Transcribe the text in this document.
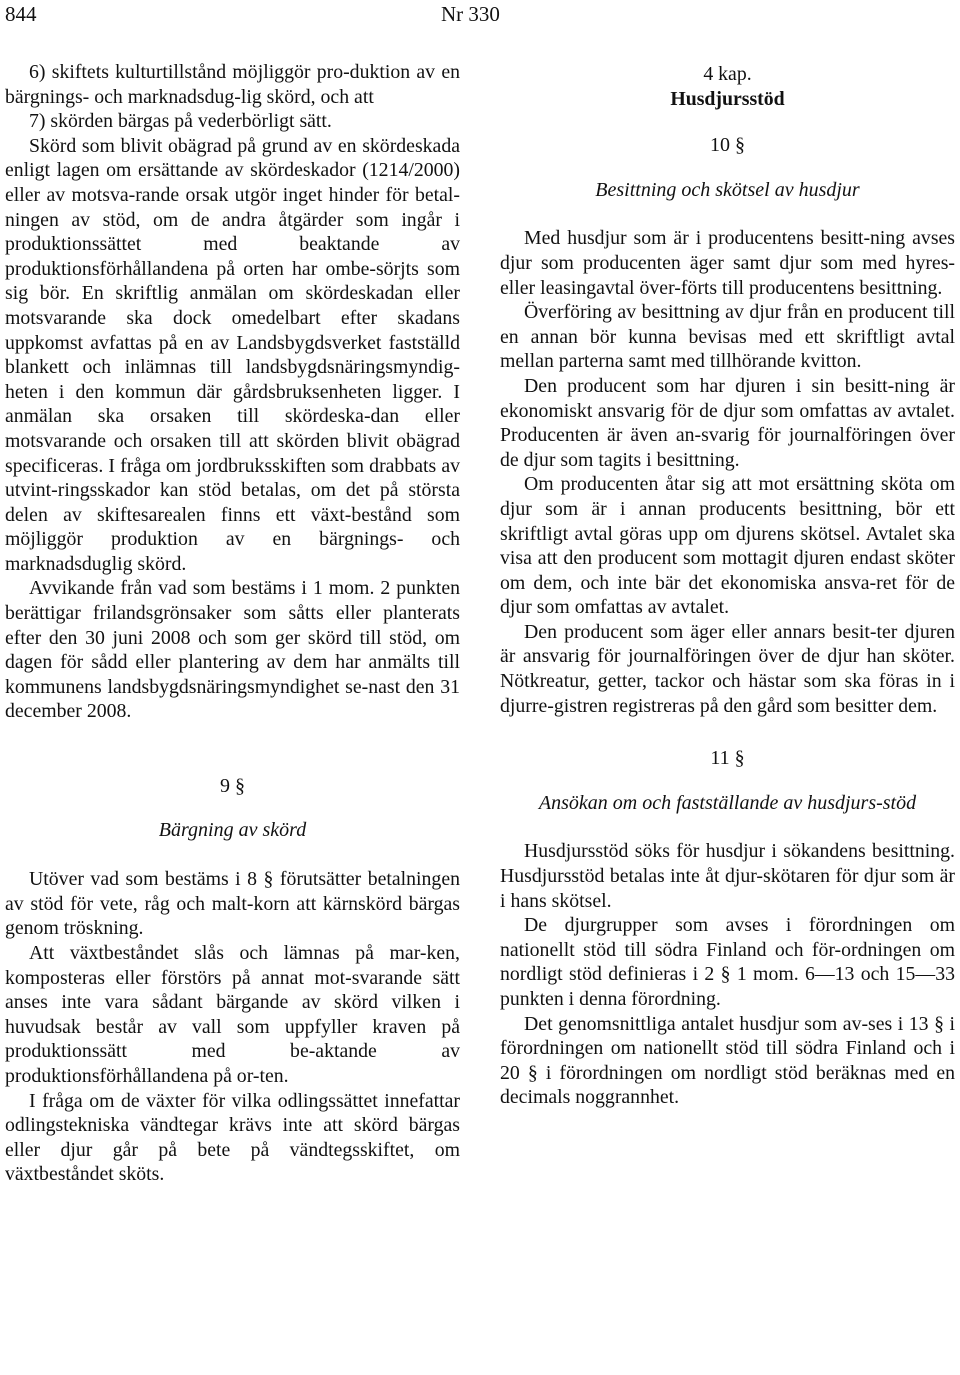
844	Nr 330

6) skiftets kulturtillstånd möjliggör pro-duktion av en bärgnings- och marknadsdug-lig skörd, och att

7) skörden bärgas på vederbörligt sätt.

Skörd som blivit obägrad på grund av en skördeskada enligt lagen om ersättande av skördeskador (1214/2000) eller av motsva-rande orsak utgör inget hinder för betal-ningen av stöd, om de andra åtgärder som ingår i produktionssättet med beaktande av produktionsförhållandena på orten har ombe-sörjts som sig bör. En skriftlig anmälan om skördeskadan eller motsvarande ska dock omedelbart efter skadans uppkomst avfattas på en av Landsbygdsverket fastställd blankett och inlämnas till landsbygdsnäringsmyndig-heten i den kommun där gårdsbruksenheten ligger. I anmälan ska orsaken till skördeska-dan eller motsvarande och orsaken till att skörden blivit obägrad specificeras. I fråga om jordbruksskiften som drabbats av utvint-ringsskador kan stöd betalas, om det på största delen av skiftesarealen finns ett växt-bestånd som möjliggör produktion av en bärgnings- och marknadsduglig skörd.

Avvikande från vad som bestäms i 1 mom. 2 punkten berättigar frilandsgrönsaker som såtts eller planterats efter den 30 juni 2008 och som ger skörd till stöd, om dagen för sådd eller plantering av dem har anmälts till kommunens landsbygdsnäringsmyndighet se-nast den 31 december 2008.

9 §

Bärgning av skörd

Utöver vad som bestäms i 8 § förutsätter betalningen av stöd för vete, råg och malt-korn att kärnskörd bärgas genom tröskning.

Att växtbeståndet slås och lämnas på mar-ken, komposteras eller förstörs på annat mot-svarande sätt anses inte vara sådant bärgande av skörd vilken i huvudsak består av vall som uppfyller kraven på produktionssätt med be-aktande av produktionsförhållandena på or-ten.

I fråga om de växter för vilka odlingssättet innefattar odlingstekniska vändtegar krävs inte att skörd bärgas eller djur går på bete på vändtegsskiftet, om växtbeståndet sköts.

4 kap.

Husdjursstöd

10 §

Besittning och skötsel av husdjur

Med husdjur som är i producentens besitt-ning avses djur som producenten äger samt djur som med hyres- eller leasingavtal över-förts till producentens besittning.

Överföring av besittning av djur från en producent till en annan bör kunna bevisas med ett skriftligt avtal mellan parterna samt med tillhörande kvitton.

Den producent som har djuren i sin besitt-ning är ekonomiskt ansvarig för de djur som omfattas av avtalet. Producenten är även an-svarig för journalföringen över de djur som tagits i besittning.

Om producenten åtar sig att mot ersättning sköta om djur som är i annan producents besittning, bör ett skriftligt avtal göras upp om djurens skötsel. Avtalet ska visa att den producent som mottagit djuren endast sköter om dem, och inte bär det ekonomiska ansva-ret för de djur som omfattas av avtalet.

Den producent som äger eller annars besit-ter djuren är ansvarig för journalföringen över de djur han sköter. Nötkreatur, getter, tackor och hästar som ska föras in i djurre-gistren registreras på den gård som besitter dem.

11 §

Ansökan om och fastställande av husdjurs-stöd

Husdjursstöd söks för husdjur i sökandens besittning. Husdjursstöd betalas inte åt djur-skötaren för djur som är i hans skötsel.

De djurgrupper som avses i förordningen om nationellt stöd till södra Finland och för-ordningen om nordligt stöd definieras i 2 § 1 mom. 6—13 och 15—33 punkten i denna förordning.

Det genomsnittliga antalet husdjur som av-ses i 13 § i förordningen om nationellt stöd till södra Finland och i 20 § i förordningen om nordligt stöd beräknas med en decimals noggrannhet.
